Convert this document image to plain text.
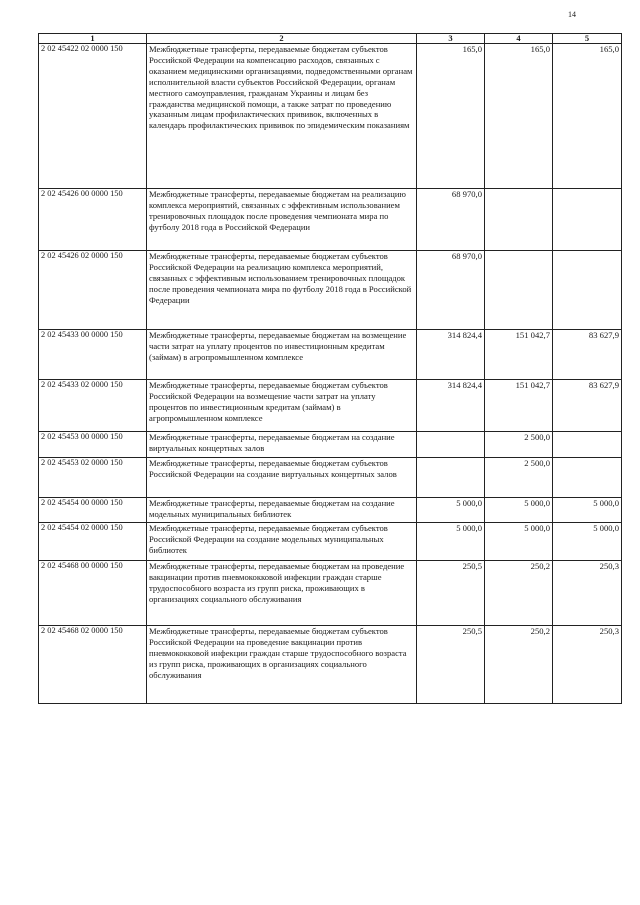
14
1	2	3	4	5
2 02 45422 02 0000 150	Межбюджетные трансферты, передаваемые бюджетам субъектов Российской Федерации на компенсацию расходов, связанных с оказанием медицинскими организациями, подведомственными органам исполнительной власти субъектов Российской Федерации, органам местного самоуправления, гражданам Украины и лицам без гражданства медицинской помощи, а также затрат по проведению указанным лицам профилактических прививок, включенных в календарь профилактических прививок по эпидемическим показаниям	165,0	165,0	165,0
2 02 45426 00 0000 150	Межбюджетные трансферты, передаваемые бюджетам на реализацию комплекса мероприятий, связанных с эффективным использованием тренировочных площадок после проведения чемпионата мира по футболу 2018 года в Российской Федерации	68 970,0		
2 02 45426 02 0000 150	Межбюджетные трансферты, передаваемые бюджетам субъектов Российской Федерации на реализацию комплекса мероприятий, связанных с эффективным использованием тренировочных площадок после проведения чемпионата мира по футболу 2018 года в Российской Федерации	68 970,0		
2 02 45433 00 0000 150	Межбюджетные трансферты, передаваемые бюджетам на возмещение части затрат на уплату процентов по инвестиционным кредитам (займам) в агропромышленном комплексе	314 824,4	151 042,7	83 627,9
2 02 45433 02 0000 150	Межбюджетные трансферты, передаваемые бюджетам субъектов Российской Федерации на возмещение части затрат на уплату процентов по инвестиционным кредитам (займам) в агропромышленном комплексе	314 824,4	151 042,7	83 627,9
2 02 45453 00 0000 150	Межбюджетные трансферты, передаваемые бюджетам на создание виртуальных концертных залов		2 500,0	
2 02 45453 02 0000 150	Межбюджетные трансферты, передаваемые бюджетам субъектов Российской Федерации на создание виртуальных концертных залов		2 500,0	
2 02 45454 00 0000 150	Межбюджетные трансферты, передаваемые бюджетам на создание модельных муниципальных библиотек	5 000,0	5 000,0	5 000,0
2 02 45454 02 0000 150	Межбюджетные трансферты, передаваемые бюджетам субъектов Российской Федерации на создание модельных муниципальных библиотек	5 000,0	5 000,0	5 000,0
2 02 45468 00 0000 150	Межбюджетные трансферты, передаваемые бюджетам на проведение вакцинации против пневмококковой инфекции граждан старше трудоспособного возраста из групп риска, проживающих в организациях социального обслуживания	250,5	250,2	250,3
2 02 45468 02 0000 150	Межбюджетные трансферты, передаваемые бюджетам субъектов Российской Федерации на проведение вакцинации против пневмококковой инфекции граждан старше трудоспособного возраста из групп риска, проживающих в организациях социального обслуживания	250,5	250,2	250,3
